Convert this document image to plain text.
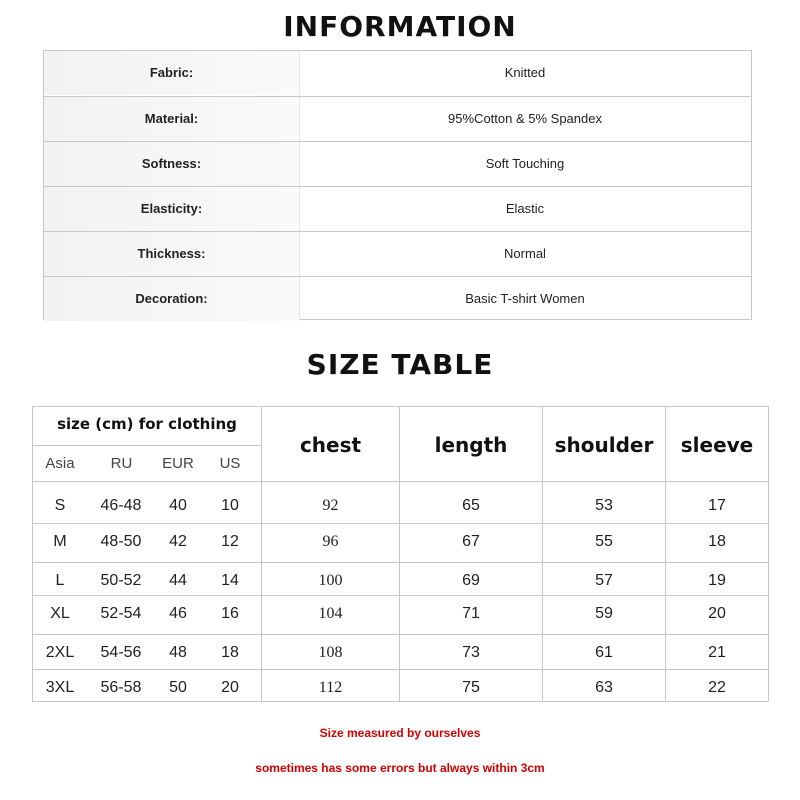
INFORMATION
Fabric:	Knitted
Material:	95%Cotton & 5% Spandex
Softness:	Soft Touching
Elasticity:	Elastic
Thickness:	Normal
Decoration:	Basic T-shirt Women
SIZE TABLE
size (cm) for clothing
Asia	RU	EUR	US
chest	length	shoulder	sleeve
S	46-48	40	10	92	65	53	17
M	48-50	42	12	96	67	55	18
L	50-52	44	14	100	69	57	19
XL	52-54	46	16	104	71	59	20
2XL	54-56	48	18	108	73	61	21
3XL	56-58	50	20	112	75	63	22
Size measured by ourselves
sometimes has some errors but always within 3cm
